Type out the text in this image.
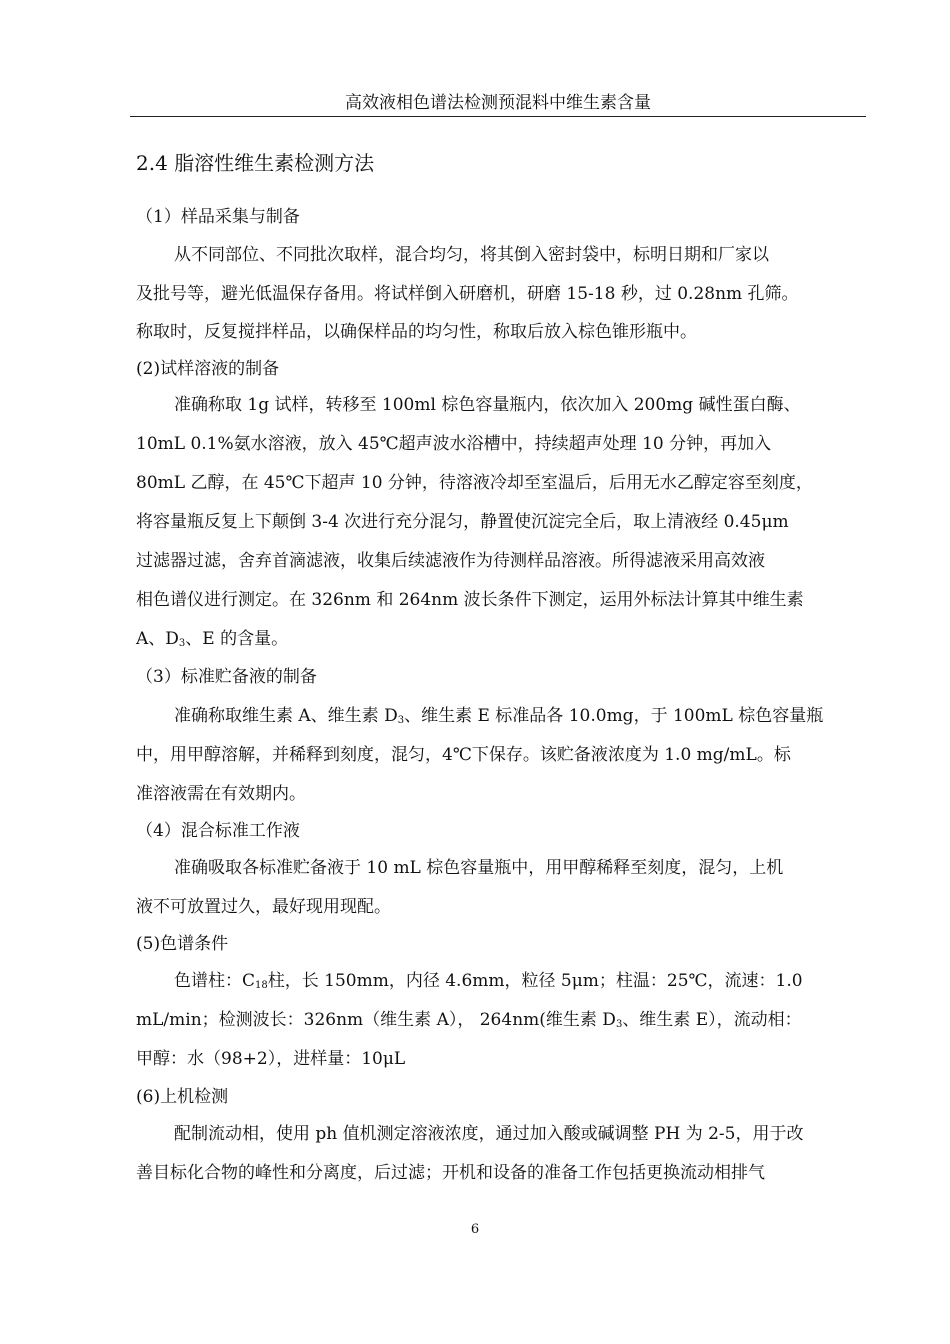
高效液相色谱法检测预混料中维生素含量
2.4 脂溶性维生素检测方法
（1）样品采集与制备
从不同部位、不同批次取样，混合均匀，将其倒入密封袋中，标明日期和厂家以
及批号等，避光低温保存备用。将试样倒入研磨机，研磨 15-18 秒，过 0.28nm 孔筛。
称取时，反复搅拌样品，以确保样品的均匀性，称取后放入棕色锥形瓶中。
(2)试样溶液的制备
准确称取 1g 试样，转移至 100ml 棕色容量瓶内，依次加入 200mg 碱性蛋白酶、
10mL 0.1%氨水溶液，放入 45℃超声波水浴槽中，持续超声处理 10 分钟，再加入
80mL 乙醇，在 45℃下超声 10 分钟，待溶液冷却至室温后，后用无水乙醇定容至刻度，
将容量瓶反复上下颠倒 3-4 次进行充分混匀，静置使沉淀完全后，取上清液经 0.45μm
过滤器过滤，舍弃首滴滤液，收集后续滤液作为待测样品溶液。所得滤液采用高效液
相色谱仪进行测定。在 326nm 和 264nm 波长条件下测定，运用外标法计算其中维生素
A、$D_3$、E 的含量。
（3）标准贮备液的制备
准确称取维生素 A、维生素 $D_3$、维生素 E 标准品各 10.0mg，于 100mL 棕色容量瓶
中，用甲醇溶解，并稀释到刻度，混匀，4℃下保存。该贮备液浓度为 1.0 mg/mL。标
准溶液需在有效期内。
（4）混合标准工作液
准确吸取各标准贮备液于 10 mL 棕色容量瓶中，用甲醇稀释至刻度，混匀，上机
液不可放置过久，最好现用现配。
(5)色谱条件
色谱柱：$C_{18}$柱，长 150mm，内径 4.6mm，粒径 5μm；柱温：25℃，流速：1.0
mL/min；检测波长：326nm（维生素 A）， 264nm(维生素 $D_3$、维生素 E），流动相：
甲醇：水（98+2），进样量：10μL
(6)上机检测
配制流动相，使用 ph 值机测定溶液浓度，通过加入酸或碱调整 PH 为 2-5，用于改
善目标化合物的峰性和分离度，后过滤；开机和设备的准备工作包括更换流动相排气
6
